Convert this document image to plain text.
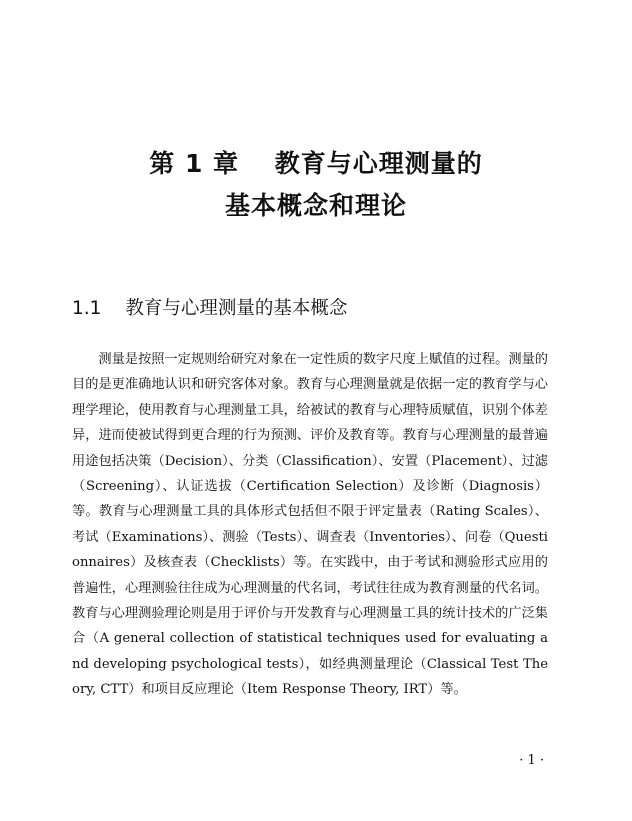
第 1 章　 教育与心理测量的
基本概念和理论
1.1 教育与心理测量的基本概念

测量是按照一定规则给研究对象在一定性质的数字尺度上赋值的过程。测量的目的是更准确地认识和研究客体对象。教育与心理测量就是依据一定的教育学与心理学理论，使用教育与心理测量工具，给被试的教育与心理特质赋值，识别个体差异，进而使被试得到更合理的行为预测、评价及教育等。教育与心理测量的最普遍用途包括决策（Decision）、分类（Classification）、安置（Placement）、过滤（Screening）、认证选拔（Certification Selection）及诊断（Diagnosis）等。教育与心理测量工具的具体形式包括但不限于评定量表（Rating Scales）、考试（Examinations）、测验（Tests）、调查表（Inventories）、问卷（Questionnaires）及核查表（Checklists）等。在实践中，由于考试和测验形式应用的普遍性，心理测验往往成为心理测量的代名词，考试往往成为教育测量的代名词。教育与心理测验理论则是用于评价与开发教育与心理测量工具的统计技术的广泛集合（A general collection of statistical techniques used for evaluating and developing psychological tests），如经典测量理论（Classical Test Theory, CTT）和项目反应理论（Item Response Theory, IRT）等。

· 1 ·
